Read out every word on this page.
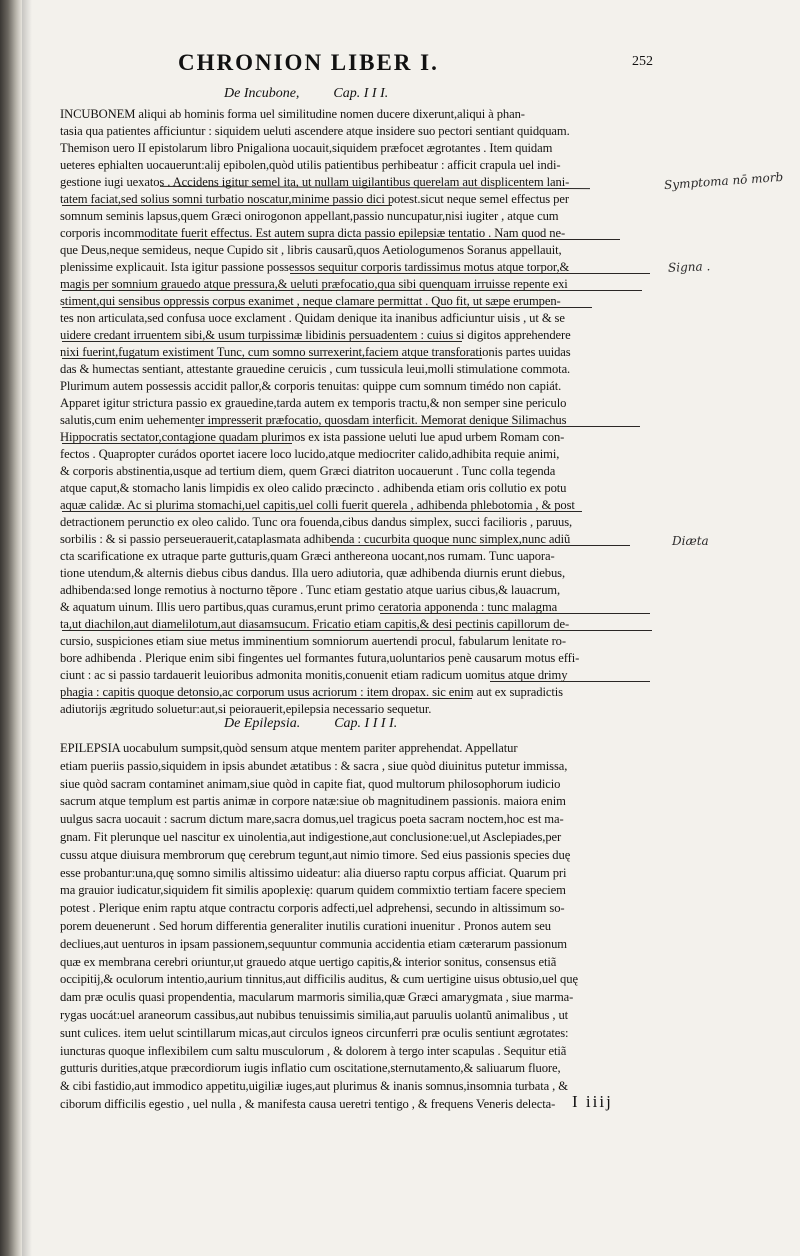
CHRONION LIBER I.	252
De Incubone, Cap. I I I.
INCUBONEM aliqui ab hominis forma uel similitudine nomen ducere dixerunt,aliqui à phan-
tasia qua patientes afficiuntur : siquidem ueluti ascendere atque insidere suo pectori sentiant quidquam.
Themison uero II epistolarum libro Pnigaliona uocauit,siquidem præfocet ægrotantes . Item quidam
ueteres ephialten uocauerunt:alij epibolen,quòd utilis patientibus perhibeatur : afficit crapula uel indi-
gestione iugi uexatos . Accidens igitur semel ita, ut nullam uigilantibus querelam aut displicentem lani-
tatem faciat,sed solius somni turbatio noscatur,minime passio dici potest.sicut neque semel effectus per
somnum seminis lapsus,quem Græci onirogonon appellant,passio nuncupatur,nisi iugiter , atque cum
corporis incommoditate fuerit effectus. Est autem supra dicta passio epilepsiæ tentatio . Nam quod ne-
que Deus,neque semideus, neque Cupido sit , libris causarũ,quos Aetiologumenos Soranus appellauit,
plenissime explicauit. Ista igitur passione possessos sequitur corporis tardissimus motus atque torpor,&
magis per somnium grauedo atque pressura,& ueluti præfocatio,qua sibi quenquam irruisse repente exi
stiment,qui sensibus oppressis corpus exanimet , neque clamare permittat . Quo fit, ut sæpe erumpen-
tes non articulata,sed confusa uoce exclament . Quidam denique ita inanibus adficiuntur uisis , ut & se
uidere credant irruentem sibi,& usum turpissimæ libidinis persuadentem : cuius si digitos apprehendere
nixi fuerint,fugatum existiment Tunc, cum somno surrexerint,faciem atque transforationis partes uuidas
das & humectas sentiant, attestante grauedine ceruicis , cum tussicula leui,molli stimulatione commota.
Plurimum autem possessis accidit pallor,& corporis tenuitas: quippe cum somnum timédo non capiát.
Apparet igitur strictura passio ex grauedine,tarda autem ex temporis tractu,& non semper sine periculo
salutis,cum enim uehementer impresserit præfocatio, quosdam interficit. Memorat denique Silimachus
Hippocratis sectator,contagione quadam plurimos ex ista passione ueluti lue apud urbem Romam con-
fectos . Quapropter curádos oportet iacere loco lucido,atque mediocriter calido,adhibita requie animi,
& corporis abstinentia,usque ad tertium diem, quem Græci diatriton uocauerunt . Tunc colla tegenda
atque caput,& stomacho lanis limpidis ex oleo calido præcincto . adhibenda etiam oris collutio ex potu
aquæ calidæ. Ac si plurima stomachi,uel capitis,uel colli fuerit querela , adhibenda phlebotomia , & post
detractionem perunctio ex oleo calido. Tunc ora fouenda,cibus dandus simplex, succi facilioris , paruus,
sorbilis : & si passio perseuerauerit,cataplasmata adhibenda : cucurbita quoque nunc simplex,nunc adiũ
cta scarificatione ex utraque parte gutturis,quam Græci anthereona uocant,nos rumam. Tunc uapora-
tione utendum,& alternis diebus cibus dandus. Illa uero adiutoria, quæ adhibenda diurnis erunt diebus,
adhibenda:sed longe remotius à nocturno tẽpore . Tunc etiam gestatio atque uarius cibus,& lauacrum,
& aquatum uinum. Illis uero partibus,quas curamus,erunt primo ceratoria apponenda : tunc malagma
ta,ut diachilon,aut diamelilotum,aut diasamsucum. Fricatio etiam capitis,& desi pectinis capillorum de-
cursio, suspiciones etiam siue metus imminentium somniorum auertendi procul, fabularum lenitate ro-
bore adhibenda . Plerique enim sibi fingentes uel formantes futura,uoluntarios penè causarum motus effi-
ciunt : ac si passio tardauerit leuioribus admonita monitis,conuenit etiam radicum uomitus atque drimy
phagia : capitis quoque detonsio,ac corporum usus acriorum : item dropax. sic enim aut ex supradictis
adiutorijs ægritudo soluetur:aut,si peiorauerit,epilepsia necessario sequetur.
De Epilepsia. Cap. I I I I.
EPILEPSIA uocabulum sumpsit,quòd sensum atque mentem pariter apprehendat. Appellatur
etiam pueriis passio,siquidem in ipsis abundet ætatibus : & sacra , siue quòd diuinitus putetur immissa,
siue quòd sacram contaminet animam,siue quòd in capite fiat, quod multorum philosophorum iudicio
sacrum atque templum est partis animæ in corpore natæ:siue ob magnitudinem passionis. maiora enim
uulgus sacra uocauit : sacrum dictum mare,sacra domus,uel tragicus poeta sacram noctem,hoc est ma-
gnam. Fit plerunque uel nascitur ex uinolentia,aut indigestione,aut conclusione:uel,ut Asclepiades,per
cussu atque diuisura membrorum quę cerebrum tegunt,aut nimio timore. Sed eius passionis species duę
esse probantur:una,quę somno similis altissimo uideatur: alia diuerso raptu corpus afficiat. Quarum pri
ma grauior iudicatur,siquidem fit similis apoplexię: quarum quidem commixtio tertiam facere speciem
potest . Plerique enim raptu atque contractu corporis adfecti,uel adprehensi, secundo in altissimum so-
porem deuenerunt . Sed horum differentia generaliter inutilis curationi inuenitur . Pronos autem seu
decliues,aut uenturos in ipsam passionem,sequuntur communia accidentia etiam cæterarum passionum
quæ ex membrana cerebri oriuntur,ut grauedo atque uertigo capitis,& interior sonitus, consensus etiã
occipitij,& oculorum intentio,aurium tinnitus,aut difficilis auditus, & cum uertigine uisus obtusio,uel quę
dam præ oculis quasi propendentia, macularum marmoris similia,quæ Græci amarygmata , siue marma-
rygas uocát:uel araneorum cassibus,aut nubibus tenuissimis similia,aut paruulis uolantũ animalibus , ut
sunt culices. item uelut scintillarum micas,aut circulos igneos circunferri præ oculis sentiunt ægrotates:
iuncturas quoque inflexibilem cum saltu musculorum , & dolorem à tergo inter scapulas . Sequitur etiã
gutturis durities,atque præcordiorum iugis inflatio cum oscitatione,sternutamento,& saliuarum fluore,
& cibi fastidio,aut immodico appetitu,uigiliæ iuges,aut plurimus & inanis somnus,insomnia turbata , &
ciborum difficilis egestio , uel nulla , & manifesta causa ueretri tentigo , & frequens Veneris delecta- I iiij
Symptoma nō morb
Signa .
Diæta
